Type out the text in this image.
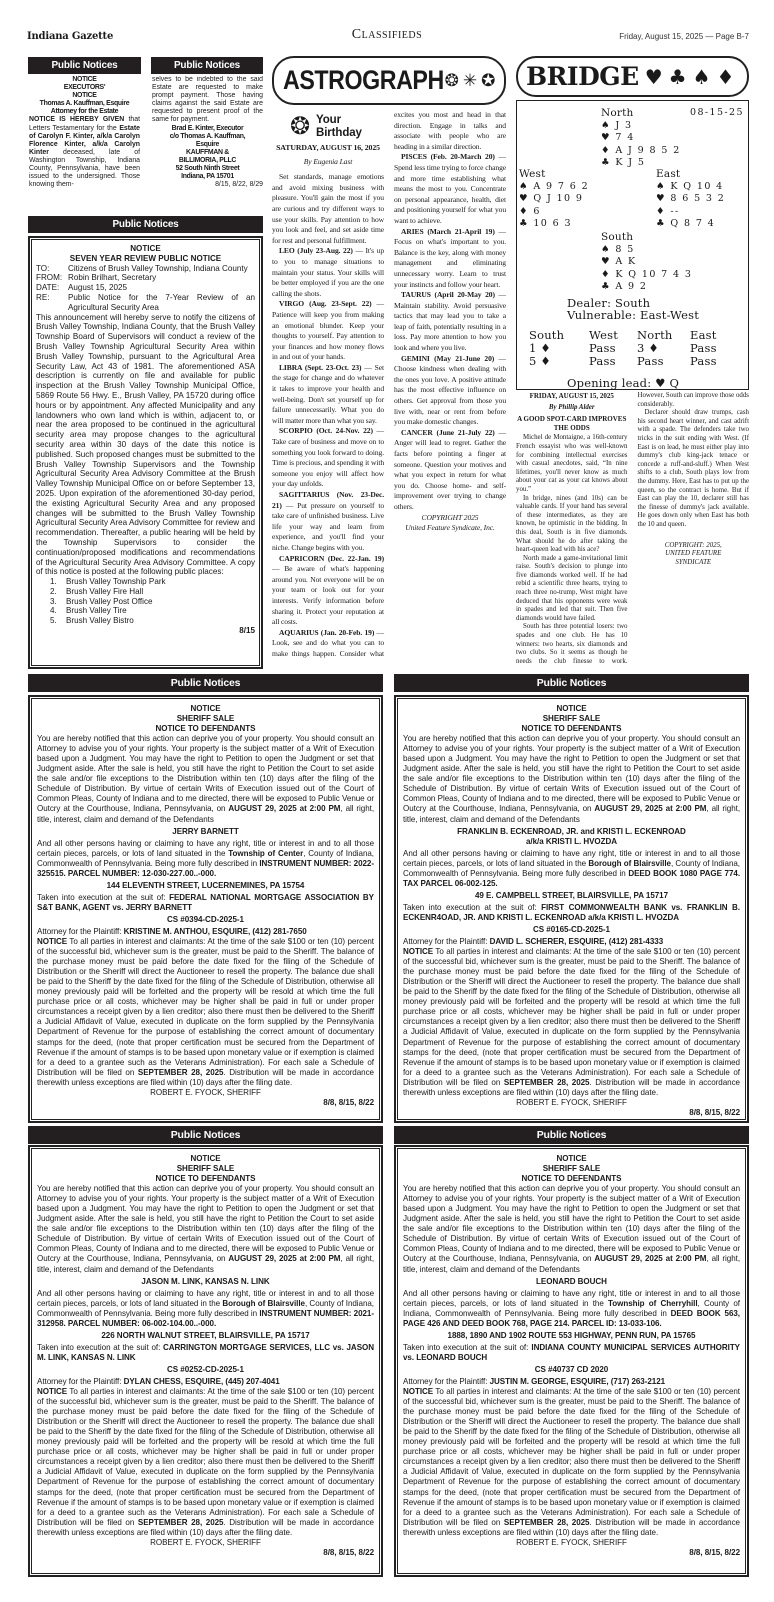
Indiana Gazette	Classifieds	Friday, August 15, 2025 — Page B-7
Public Notices
NOTICE
EXECUTORS'
NOTICE
Thomas A. Kauffman, Esquire
Attorney for the Estate
NOTICE IS HEREBY GIVEN that Letters Testamentary for the Estate of Carolyn F. Kinter, a/k/a Carolyn Florence Kinter, a/k/a Carolyn Kinter deceased, late of Washington Township, Indiana County, Pennsylvania, have been issued to the undersigned. Those knowing them-
Public Notices
selves to be indebted to the said Estate are requested to make prompt payment. Those having claims against the said Estate are requested to present proof of the same for payment.
Brad E. Kinter, Executor
c/o Thomas A. Kauffman,
Esquire
KAUFFMAN &
BILLIMORIA, PLLC
52 South Ninth Street
Indiana, PA 15701
8/15, 8/22, 8/29
Public Notices
NOTICE
SEVEN YEAR REVIEW PUBLIC NOTICE
TO:	Citizens of Brush Valley Township, Indiana County
FROM: Robin Brilhart, Secretary
DATE:	August 15, 2025
RE:	Public Notice for the 7-Year Review of an Agricultural Security Area
This announcement will hereby serve to notify the citizens of Brush Valley Township, Indiana County, that the Brush Valley Township Board of Supervisors will conduct a review of the Brush Valley Township Agricultural Security Area within Brush Valley Township, pursuant to the Agricultural Area Security Law, Act 43 of 1981. The aforementioned ASA description is currently on file and available for public inspection at the Brush Valley Township Municipal Office, 5869 Route 56 Hwy. E., Brush Valley, PA 15720 during office hours or by appointment. Any affected Municipality and any landowners who own land which is within, adjacent to, or near the area proposed to be continued in the agricultural security area may propose changes to the agricultural security area within 30 days of the date this notice is published. Such proposed changes must be submitted to the Brush Valley Township Supervisors and the Township Agricultural Security Area Advisory Committee at the Brush Valley Township Municipal Office on or before September 13, 2025. Upon expiration of the aforementioned 30-day period, the existing Agricultural Security Area and any proposed changes will be submitted to the Brush Valley Township Agricultural Security Area Advisory Committee for review and recommendation. Thereafter, a public hearing will be held by the Township Supervisors to consider the continuation/proposed modifications and recommendations of the Agricultural Security Area Advisory Committee. A copy of this notice is posted at the following public places:
1.	Brush Valley Township Park
2.	Brush Valley Fire Hall
3.	Brush Valley Post Office
4.	Brush Valley Tire
5.	Brush Valley Bistro
8/15
ASTROGRAPH ❂ ✳ ✪
❂ Your Birthday
SATURDAY, AUGUST 16, 2025
By Eugenia Last

Set standards, manage emotions and avoid mixing business with pleasure. You'll gain the most if you are curious and try different ways to use your skills. Pay attention to how you look and feel, and set aside time for rest and personal fulfillment.

LEO (July 23-Aug. 22) — It's up to you to manage situations to maintain your status. Your skills will be better employed if you are the one calling the shots.

VIRGO (Aug. 23-Sept. 22) — Patience will keep you from making an emotional blunder. Keep your thoughts to yourself. Pay attention to your finances and how money flows in and out of your hands.

LIBRA (Sept. 23-Oct. 23) — Set the stage for change and do whatever it takes to improve your health and well-being. Don't set yourself up for failure unnecessarily. What you do will matter more than what you say.

SCORPIO (Oct. 24-Nov. 22) — Take care of business and move on to something you look forward to doing. Time is precious, and spending it with someone you enjoy will affect how your day unfolds.

SAGITTARIUS (Nov. 23-Dec. 21) — Put pressure on yourself to take care of unfinished business. Live life your way and learn from experience, and you'll find your niche. Change begins with you.

CAPRICORN (Dec. 22-Jan. 19) — Be aware of what's happening around you. Not everyone will be on your team or look out for your interests. Verify information before sharing it. Protect your reputation at all costs.

AQUARIUS (Jan. 20-Feb. 19) — Look, see and do what you can to make things happen. Consider what excites you most and head in that direction. Engage in talks and associate with people who are heading in a similar direction.

PISCES (Feb. 20-March 20) — Spend less time trying to force change and more time establishing what means the most to you. Concentrate on personal appearance, health, diet and positioning yourself for what you want to achieve.

ARIES (March 21-April 19) — Focus on what's important to you. Balance is the key, along with money management and eliminating unnecessary worry. Learn to trust your instincts and follow your heart.

TAURUS (April 20-May 20) — Maintain stability. Avoid persuasive tactics that may lead you to take a leap of faith, potentially resulting in a loss. Pay more attention to how you look and where you live.

GEMINI (May 21-June 20) — Choose kindness when dealing with the ones you love. A positive attitude has the most effective influence on others. Get approval from those you live with, near or rent from before you make domestic changes.

CANCER (June 21-July 22) — Anger will lead to regret. Gather the facts before pointing a finger at someone. Question your motives and what you expect in return for what you do. Choose home- and self-improvement over trying to change others.

COPYRIGHT 2025
United Feature Syndicate, Inc.

BRIDGE ♥ ♣ ♠ ♦
08-15-25
Dealer: South
Vulnerable: East-West
Opening lead: ♥ Q
North
♠ J 3
♥ 7 4
♦ A J 9 8 5 2
♣ K J 5
West
♠ A 9 7 6 2
♥ Q J 10 9
♦ 6
♣ 10 6 3
East
♠ K Q 10 4
♥ 8 6 5 3 2
♦ --
♣ Q 8 7 4
South
♠ 8 5
♥ A K
♦ K Q 10 7 4 3
♣ A 9 2
South West North East
1 ♦	Pass 3 ♦	Pass
5 ♦	Pass Pass Pass
FRIDAY, AUGUST 15, 2025
By Phillip Alder
A GOOD SPOT-CARD IMPROVES THE ODDS

Michel de Montaigne, a 16th-century French essayist who was well-known for combining intellectual exercises with casual anecdotes, said, “In nine lifetimes, you'll never know as much about your cat as your cat knows about you.”

In bridge, nines (and 10s) can be valuable cards. If your hand has several of these intermediates, as they are known, be optimistic in the bidding. In this deal, South is in five diamonds. What should he do after taking the heart-queen lead with his ace?

North made a game-invitational limit raise. South's decision to plunge into five diamonds worked well. If he had rebid a scientific three hearts, trying to reach three no-trump, West might have deduced that his opponents were weak in spades and led that suit. Then five diamonds would have failed.

South has three potential losers: two spades and one club. He has 10 winners: two hearts, six diamonds and two clubs. So it seems as though he needs the club finesse to work. However, South can improve those odds considerably.

Declarer should draw trumps, cash his second heart winner, and cast adrift with a spade. The defenders take two tricks in the suit ending with West. (If East is on lead, he must either play into dummy's club king-jack tenace or concede a ruff-and-sluff.) When West shifts to a club, South plays low from the dummy. Here, East has to put up the queen, so the contract is home. But if East can play the 10, declarer still has the finesse of dummy's jack available. He goes down only when East has both the 10 and queen.

COPYRIGHT: 2025,
UNITED FEATURE
SYNDICATE

Public Notices
NOTICE
SHERIFF SALE
NOTICE TO DEFENDANTS
You are hereby notified that this action can deprive you of your property. You should consult an Attorney to advise you of your rights. Your property is the subject matter of a Writ of Execution based upon a Judgment. You may have the right to Petition to open the Judgment or set that Judgment aside. After the sale is held, you still have the right to Petition the Court to set aside the sale and/or file exceptions to the Distribution within ten (10) days after the filing of the Schedule of Distribution. By virtue of certain Writs of Execution issued out of the Court of Common Pleas, County of Indiana and to me directed, there will be exposed to Public Venue or Outcry at the Courthouse, Indiana, Pennsylvania, on AUGUST 29, 2025 at 2:00 PM, all right, title, interest, claim and demand of the Defendants
JERRY BARNETT
And all other persons having or claiming to have any right, title or interest in and to all those certain pieces, parcels, or lots of land situated in the Township of Center, County of Indiana, Commonwealth of Pennsylvania. Being more fully described in INSTRUMENT NUMBER: 2022-325515. PARCEL NUMBER: 12-030-227.00..-000.
144 ELEVENTH STREET, LUCERNEMINES, PA 15754
Taken into execution at the suit of: FEDERAL NATIONAL MORTGAGE ASSOCIATION BY S&T BANK, AGENT vs. JERRY BARNETT
CS #0394-CD-2025-1
Attorney for the Plaintiff: KRISTINE M. ANTHOU, ESQUIRE, (412) 281-7650
NOTICE To all parties in interest and claimants: At the time of the sale $100 or ten (10) percent of the successful bid, whichever sum is the greater, must be paid to the Sheriff. The balance of the purchase money must be paid before the date fixed for the filing of the Schedule of Distribution or the Sheriff will direct the Auctioneer to resell the property. The balance due shall be paid to the Sheriff by the date fixed for the filing of the Schedule of Distribution, otherwise all money previously paid will be forfeited and the property will be resold at which time the full purchase price or all costs, whichever may be higher shall be paid in full or under proper circumstances a receipt given by a lien creditor; also there must then be delivered to the Sheriff a Judicial Affidavit of Value, executed in duplicate on the form supplied by the Pennsylvania Department of Revenue for the purpose of establishing the correct amount of documentary stamps for the deed, (note that proper certification must be secured from the Department of Revenue if the amount of stamps is to be based upon monetary value or if exemption is claimed for a deed to a grantee such as the Veterans Administration). For each sale a Schedule of Distribution will be filed on SEPTEMBER 28, 2025. Distribution will be made in accordance therewith unless exceptions are filed within (10) days after the filing date.
ROBERT E. FYOCK, SHERIFF
8/8, 8/15, 8/22
Public Notices
NOTICE
SHERIFF SALE
NOTICE TO DEFENDANTS
You are hereby notified that this action can deprive you of your property. You should consult an Attorney to advise you of your rights. Your property is the subject matter of a Writ of Execution based upon a Judgment. You may have the right to Petition to open the Judgment or set that Judgment aside. After the sale is held, you still have the right to Petition the Court to set aside the sale and/or file exceptions to the Distribution within ten (10) days after the filing of the Schedule of Distribution. By virtue of certain Writs of Execution issued out of the Court of Common Pleas, County of Indiana and to me directed, there will be exposed to Public Venue or Outcry at the Courthouse, Indiana, Pennsylvania, on AUGUST 29, 2025 at 2:00 PM, all right, title, interest, claim and demand of the Defendants
FRANKLIN B. ECKENROAD, JR. and KRISTI L. ECKENROAD
a/k/a KRISTI L. HVOZDA
And all other persons having or claiming to have any right, title or interest in and to all those certain pieces, parcels, or lots of land situated in the Borough of Blairsville, County of Indiana, Commonwealth of Pennsylvania. Being more fully described in DEED BOOK 1080 PAGE 774. TAX PARCEL 06-002-125.
49 E. CAMPBELL STREET, BLAIRSVILLE, PA 15717
Taken into execution at the suit of: FIRST COMMONWEALTH BANK vs. FRANKLIN B. ECKENR4OAD, JR. AND KRISTI L. ECKENROAD a/k/a KRISTI L. HVOZDA
CS #0165-CD-2025-1
Attorney for the Plaintiff: DAVID L. SCHERER, ESQUIRE, (412) 281-4333
NOTICE To all parties in interest and claimants: At the time of the sale $100 or ten (10) percent of the successful bid, whichever sum is the greater, must be paid to the Sheriff. The balance of the purchase money must be paid before the date fixed for the filing of the Schedule of Distribution or the Sheriff will direct the Auctioneer to resell the property. The balance due shall be paid to the Sheriff by the date fixed for the filing of the Schedule of Distribution, otherwise all money previously paid will be forfeited and the property will be resold at which time the full purchase price or all costs, whichever may be higher shall be paid in full or under proper circumstances a receipt given by a lien creditor; also there must then be delivered to the Sheriff a Judicial Affidavit of Value, executed in duplicate on the form supplied by the Pennsylvania Department of Revenue for the purpose of establishing the correct amount of documentary stamps for the deed, (note that proper certification must be secured from the Department of Revenue if the amount of stamps is to be based upon monetary value or if exemption is claimed for a deed to a grantee such as the Veterans Administration). For each sale a Schedule of Distribution will be filed on SEPTEMBER 28, 2025. Distribution will be made in accordance therewith unless exceptions are filed within (10) days after the filing date.
ROBERT E. FYOCK, SHERIFF
8/8, 8/15, 8/22
Public Notices
NOTICE
SHERIFF SALE
NOTICE TO DEFENDANTS
You are hereby notified that this action can deprive you of your property. You should consult an Attorney to advise you of your rights. Your property is the subject matter of a Writ of Execution based upon a Judgment. You may have the right to Petition to open the Judgment or set that Judgment aside. After the sale is held, you still have the right to Petition the Court to set aside the sale and/or file exceptions to the Distribution within ten (10) days after the filing of the Schedule of Distribution. By virtue of certain Writs of Execution issued out of the Court of Common Pleas, County of Indiana and to me directed, there will be exposed to Public Venue or Outcry at the Courthouse, Indiana, Pennsylvania, on AUGUST 29, 2025 at 2:00 PM, all right, title, interest, claim and demand of the Defendants
JASON M. LINK, KANSAS N. LINK
And all other persons having or claiming to have any right, title or interest in and to all those certain pieces, parcels, or lots of land situated in the Borough of Blairsville, County of Indiana, Commonwealth of Pennsylvania. Being more fully described in INSTRUMENT NUMBER: 2021-312958. PARCEL NUMBER: 06-002-104.00..-000.
226 NORTH WALNUT STREET, BLAIRSVILLE, PA 15717
Taken into execution at the suit of: CARRINGTON MORTGAGE SERVICES, LLC vs. JASON M. LINK, KANSAS N. LINK
CS #0252-CD-2025-1
Attorney for the Plaintiff: DYLAN CHESS, ESQUIRE, (445) 207-4041
NOTICE To all parties in interest and claimants: At the time of the sale $100 or ten (10) percent of the successful bid, whichever sum is the greater, must be paid to the Sheriff. The balance of the purchase money must be paid before the date fixed for the filing of the Schedule of Distribution or the Sheriff will direct the Auctioneer to resell the property. The balance due shall be paid to the Sheriff by the date fixed for the filing of the Schedule of Distribution, otherwise all money previously paid will be forfeited and the property will be resold at which time the full purchase price or all costs, whichever may be higher shall be paid in full or under proper circumstances a receipt given by a lien creditor; also there must then be delivered to the Sheriff a Judicial Affidavit of Value, executed in duplicate on the form supplied by the Pennsylvania Department of Revenue for the purpose of establishing the correct amount of documentary stamps for the deed, (note that proper certification must be secured from the Department of Revenue if the amount of stamps is to be based upon monetary value or if exemption is claimed for a deed to a grantee such as the Veterans Administration). For each sale a Schedule of Distribution will be filed on SEPTEMBER 28, 2025. Distribution will be made in accordance therewith unless exceptions are filed within (10) days after the filing date.
ROBERT E. FYOCK, SHERIFF
8/8, 8/15, 8/22
Public Notices
NOTICE
SHERIFF SALE
NOTICE TO DEFENDANTS
You are hereby notified that this action can deprive you of your property. You should consult an Attorney to advise you of your rights. Your property is the subject matter of a Writ of Execution based upon a Judgment. You may have the right to Petition to open the Judgment or set that Judgment aside. After the sale is held, you still have the right to Petition the Court to set aside the sale and/or file exceptions to the Distribution within ten (10) days after the filing of the Schedule of Distribution. By virtue of certain Writs of Execution issued out of the Court of Common Pleas, County of Indiana and to me directed, there will be exposed to Public Venue or Outcry at the Courthouse, Indiana, Pennsylvania, on AUGUST 29, 2025 at 2:00 PM, all right, title, interest, claim and demand of the Defendants
LEONARD BOUCH
And all other persons having or claiming to have any right, title or interest in and to all those certain pieces, parcels, or lots of land situated in the Township of Cherryhill, County of Indiana, Commonwealth of Pennsylvania. Being more fully described in DEED BOOK 563, PAGE 426 AND DEED BOOK 768, PAGE 214. PARCEL ID: 13-033-106.
1888, 1890 AND 1902 ROUTE 553 HIGHWAY, PENN RUN, PA 15765
Taken into execution at the suit of: INDIANA COUNTY MUNICIPAL SERVICES AUTHORITY vs. LEONARD BOUCH
CS #40737 CD 2020
Attorney for the Plaintiff: JUSTIN M. GEORGE, ESQUIRE, (717) 263-2121
NOTICE To all parties in interest and claimants: At the time of the sale $100 or ten (10) percent of the successful bid, whichever sum is the greater, must be paid to the Sheriff. The balance of the purchase money must be paid before the date fixed for the filing of the Schedule of Distribution or the Sheriff will direct the Auctioneer to resell the property. The balance due shall be paid to the Sheriff by the date fixed for the filing of the Schedule of Distribution, otherwise all money previously paid will be forfeited and the property will be resold at which time the full purchase price or all costs, whichever may be higher shall be paid in full or under proper circumstances a receipt given by a lien creditor; also there must then be delivered to the Sheriff a Judicial Affidavit of Value, executed in duplicate on the form supplied by the Pennsylvania Department of Revenue for the purpose of establishing the correct amount of documentary stamps for the deed, (note that proper certification must be secured from the Department of Revenue if the amount of stamps is to be based upon monetary value or if exemption is claimed for a deed to a grantee such as the Veterans Administration). For each sale a Schedule of Distribution will be filed on SEPTEMBER 28, 2025. Distribution will be made in accordance therewith unless exceptions are filed within (10) days after the filing date.
ROBERT E. FYOCK, SHERIFF
8/8, 8/15, 8/22
